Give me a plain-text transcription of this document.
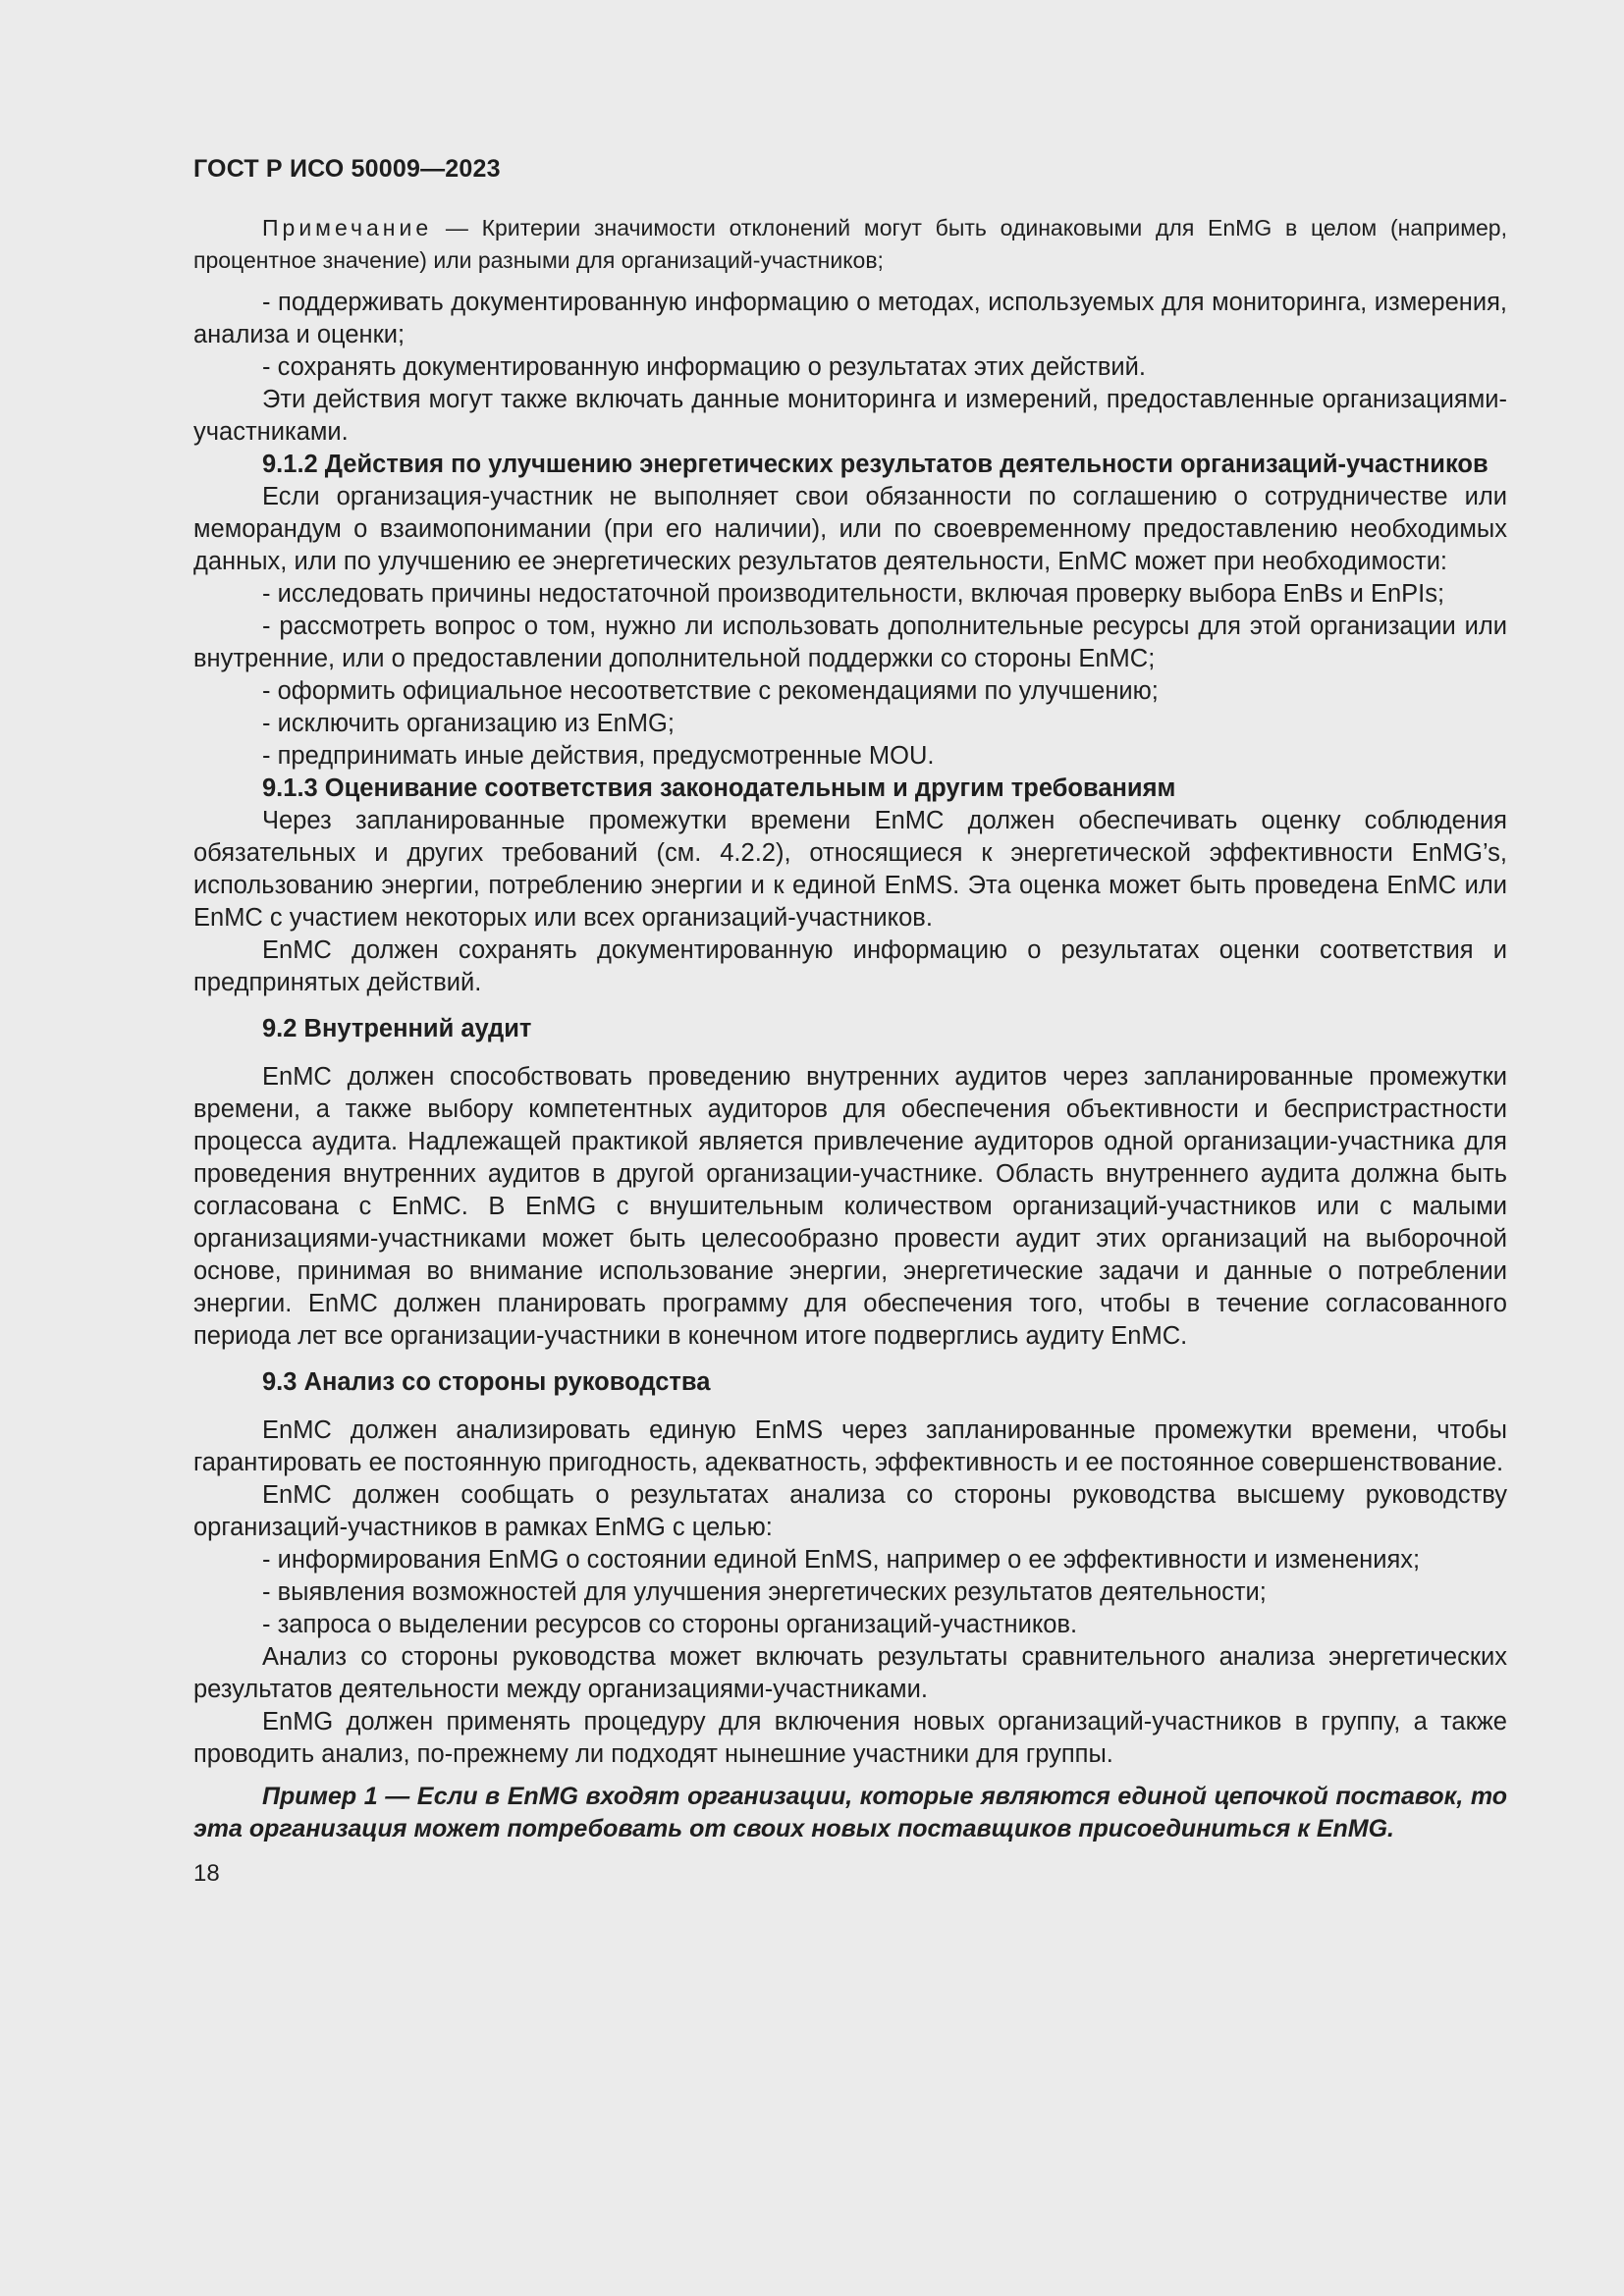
ГОСТ Р ИСО 50009—2023

Примечание — Критерии значимости отклонений могут быть одинаковыми для EnMG в целом (например, процентное значение) или разными для организаций-участников;

- поддерживать документированную информацию о методах, используемых для мониторинга, измерения, анализа и оценки;

- сохранять документированную информацию о результатах этих действий.

Эти действия могут также включать данные мониторинга и измерений, предоставленные организациями-участниками.

9.1.2 Действия по улучшению энергетических результатов деятельности организаций-участников

Если организация-участник не выполняет свои обязанности по соглашению о сотрудничестве или меморандум о взаимопонимании (при его наличии), или по своевременному предоставлению необходимых данных, или по улучшению ее энергетических результатов деятельности, EnMC может при необходимости:

- исследовать причины недостаточной производительности, включая проверку выбора EnBs и EnPIs;

- рассмотреть вопрос о том, нужно ли использовать дополнительные ресурсы для этой организации или внутренние, или о предоставлении дополнительной поддержки со стороны EnMC;

- оформить официальное несоответствие с рекомендациями по улучшению;

- исключить организацию из EnMG;

- предпринимать иные действия, предусмотренные MOU.

9.1.3 Оценивание соответствия законодательным и другим требованиям

Через запланированные промежутки времени EnMC должен обеспечивать оценку соблюдения обязательных и других требований (см. 4.2.2), относящиеся к энергетической эффективности EnMG’s, использованию энергии, потреблению энергии и к единой EnMS. Эта оценка может быть проведена EnMC или EnMC с участием некоторых или всех организаций-участников.

EnMC должен сохранять документированную информацию о результатах оценки соответствия и предпринятых действий.

9.2 Внутренний аудит

EnMC должен способствовать проведению внутренних аудитов через запланированные промежутки времени, а также выбору компетентных аудиторов для обеспечения объективности и беспристрастности процесса аудита. Надлежащей практикой является привлечение аудиторов одной организации-участника для проведения внутренних аудитов в другой организации-участнике. Область внутреннего аудита должна быть согласована с EnMC. В EnMG с внушительным количеством организаций-участников или с малыми организациями-участниками может быть целесообразно провести аудит этих организаций на выборочной основе, принимая во внимание использование энергии, энергетические задачи и данные о потреблении энергии. EnMC должен планировать программу для обеспечения того, чтобы в течение согласованного периода лет все организации-участники в конечном итоге подверглись аудиту EnMC.

9.3 Анализ со стороны руководства

EnMC должен анализировать единую EnMS через запланированные промежутки времени, чтобы гарантировать ее постоянную пригодность, адекватность, эффективность и ее постоянное совершенствование.

EnMC должен сообщать о результатах анализа со стороны руководства высшему руководству организаций-участников в рамках EnMG с целью:

- информирования EnMG о состоянии единой EnMS, например о ее эффективности и изменениях;

- выявления возможностей для улучшения энергетических результатов деятельности;

- запроса о выделении ресурсов со стороны организаций-участников.

Анализ со стороны руководства может включать результаты сравнительного анализа энергетических результатов деятельности между организациями-участниками.

EnMG должен применять процедуру для включения новых организаций-участников в группу, а также проводить анализ, по-прежнему ли подходят нынешние участники для группы.

Пример 1 — Если в EnMG входят организации, которые являются единой цепочкой поставок, то эта организация может потребовать от своих новых поставщиков присоединиться к EnMG.

18
